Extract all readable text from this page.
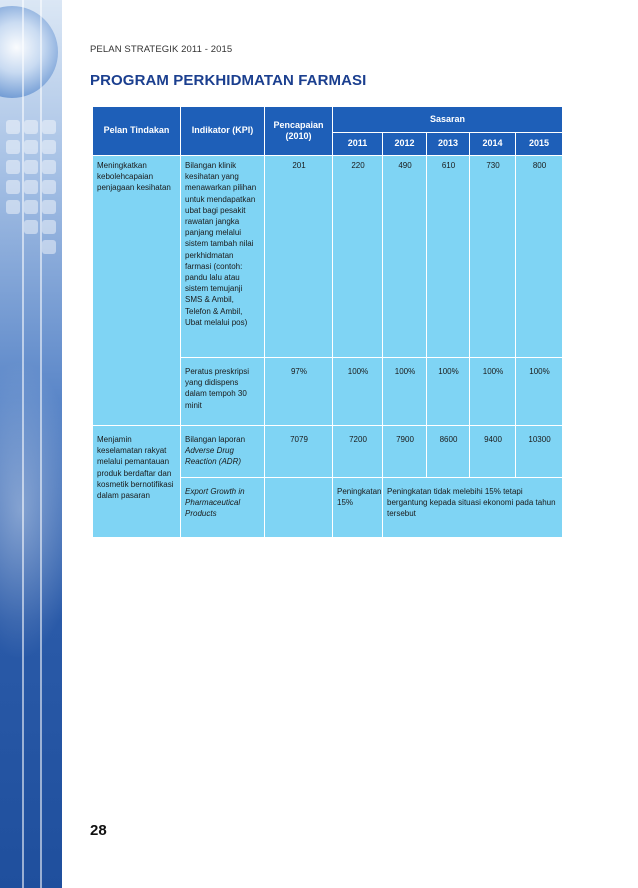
PELAN STRATEGIK 2011 - 2015
PROGRAM PERKHIDMATAN FARMASI
Pelan Tindakan	Indikator (KPI)	Pencapaian (2010)	Sasaran				
			2011	2012	2013	2014	2015
Meningkatkan kebolehcapaian penjagaan kesihatan	Bilangan klinik kesihatan yang menawarkan pilihan untuk mendapatkan ubat bagi pesakit rawatan jangka panjang melalui sistem tambah nilai perkhidmatan farmasi (contoh: pandu lalu atau sistem temujanji SMS & Ambil, Telefon & Ambil, Ubat melalui pos)	201	220	490	610	730	800
	Peratus preskripsi yang didispens dalam tempoh 30 minit	97%	100%	100%	100%	100%	100%
Menjamin keselamatan rakyat melalui pemantauan produk berdaftar dan kosmetik bernotifikasi dalam pasaran	Bilangan laporan Adverse Drug Reaction (ADR)	7079	7200	7900	8600	9400	10300
	Export Growth in Pharmaceutical Products		Peningkatan 15%	Peningkatan tidak melebihi 15% tetapi bergantung kepada situasi ekonomi pada tahun tersebut			
28
